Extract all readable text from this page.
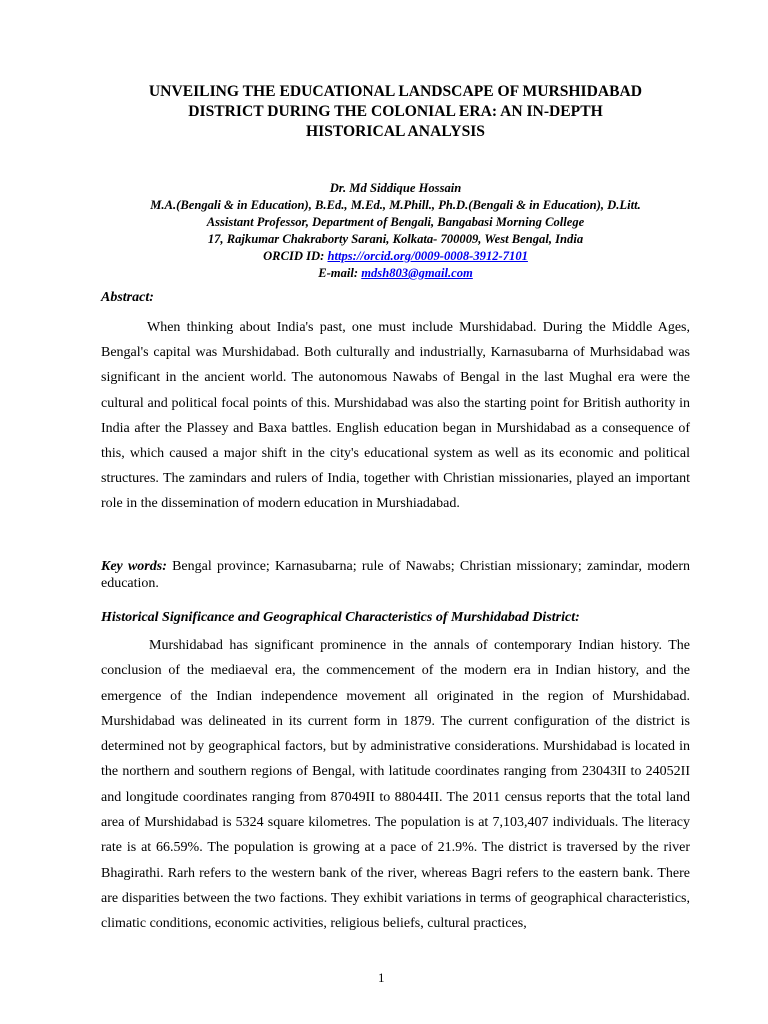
UNVEILING THE EDUCATIONAL LANDSCAPE OF MURSHIDABAD
DISTRICT DURING THE COLONIAL ERA: AN IN-DEPTH
HISTORICAL ANALYSIS
Dr. Md Siddique Hossain
M.A.(Bengali & in Education), B.Ed., M.Ed., M.Phill., Ph.D.(Bengali & in Education), D.Litt.
Assistant Professor, Department of Bengali, Bangabasi Morning College
17, Rajkumar Chakraborty Sarani, Kolkata- 700009, West Bengal, India
ORCID ID: https://orcid.org/0009-0008-3912-7101
E-mail: mdsh803@gmail.com
Abstract:

When thinking about India's past, one must include Murshidabad. During the Middle Ages, Bengal's capital was Murshidabad. Both culturally and industrially, Karnasubarna of Murhsidabad was significant in the ancient world. The autonomous Nawabs of Bengal in the last Mughal era were the cultural and political focal points of this. Murshidabad was also the starting point for British authority in India after the Plassey and Baxa battles. English education began in Murshidabad as a consequence of this, which caused a major shift in the city's educational system as well as its economic and political structures. The zamindars and rulers of India, together with Christian missionaries, played an important role in the dissemination of modern education in Murshiadabad.

Key words: Bengal province; Karnasubarna; rule of Nawabs; Christian missionary; zamindar, modern education.

Historical Significance and Geographical Characteristics of Murshidabad District:

Murshidabad has significant prominence in the annals of contemporary Indian history. The conclusion of the mediaeval era, the commencement of the modern era in Indian history, and the emergence of the Indian independence movement all originated in the region of Murshidabad. Murshidabad was delineated in its current form in 1879. The current configuration of the district is determined not by geographical factors, but by administrative considerations. Murshidabad is located in the northern and southern regions of Bengal, with latitude coordinates ranging from 23043II to 24052II and longitude coordinates ranging from 87049II to 88044II. The 2011 census reports that the total land area of Murshidabad is 5324 square kilometres. The population is at 7,103,407 individuals. The literacy rate is at 66.59%. The population is growing at a pace of 21.9%. The district is traversed by the river Bhagirathi. Rarh refers to the western bank of the river, whereas Bagri refers to the eastern bank. There are disparities between the two factions. They exhibit variations in terms of geographical characteristics, climatic conditions, economic activities, religious beliefs, cultural practices,

1
